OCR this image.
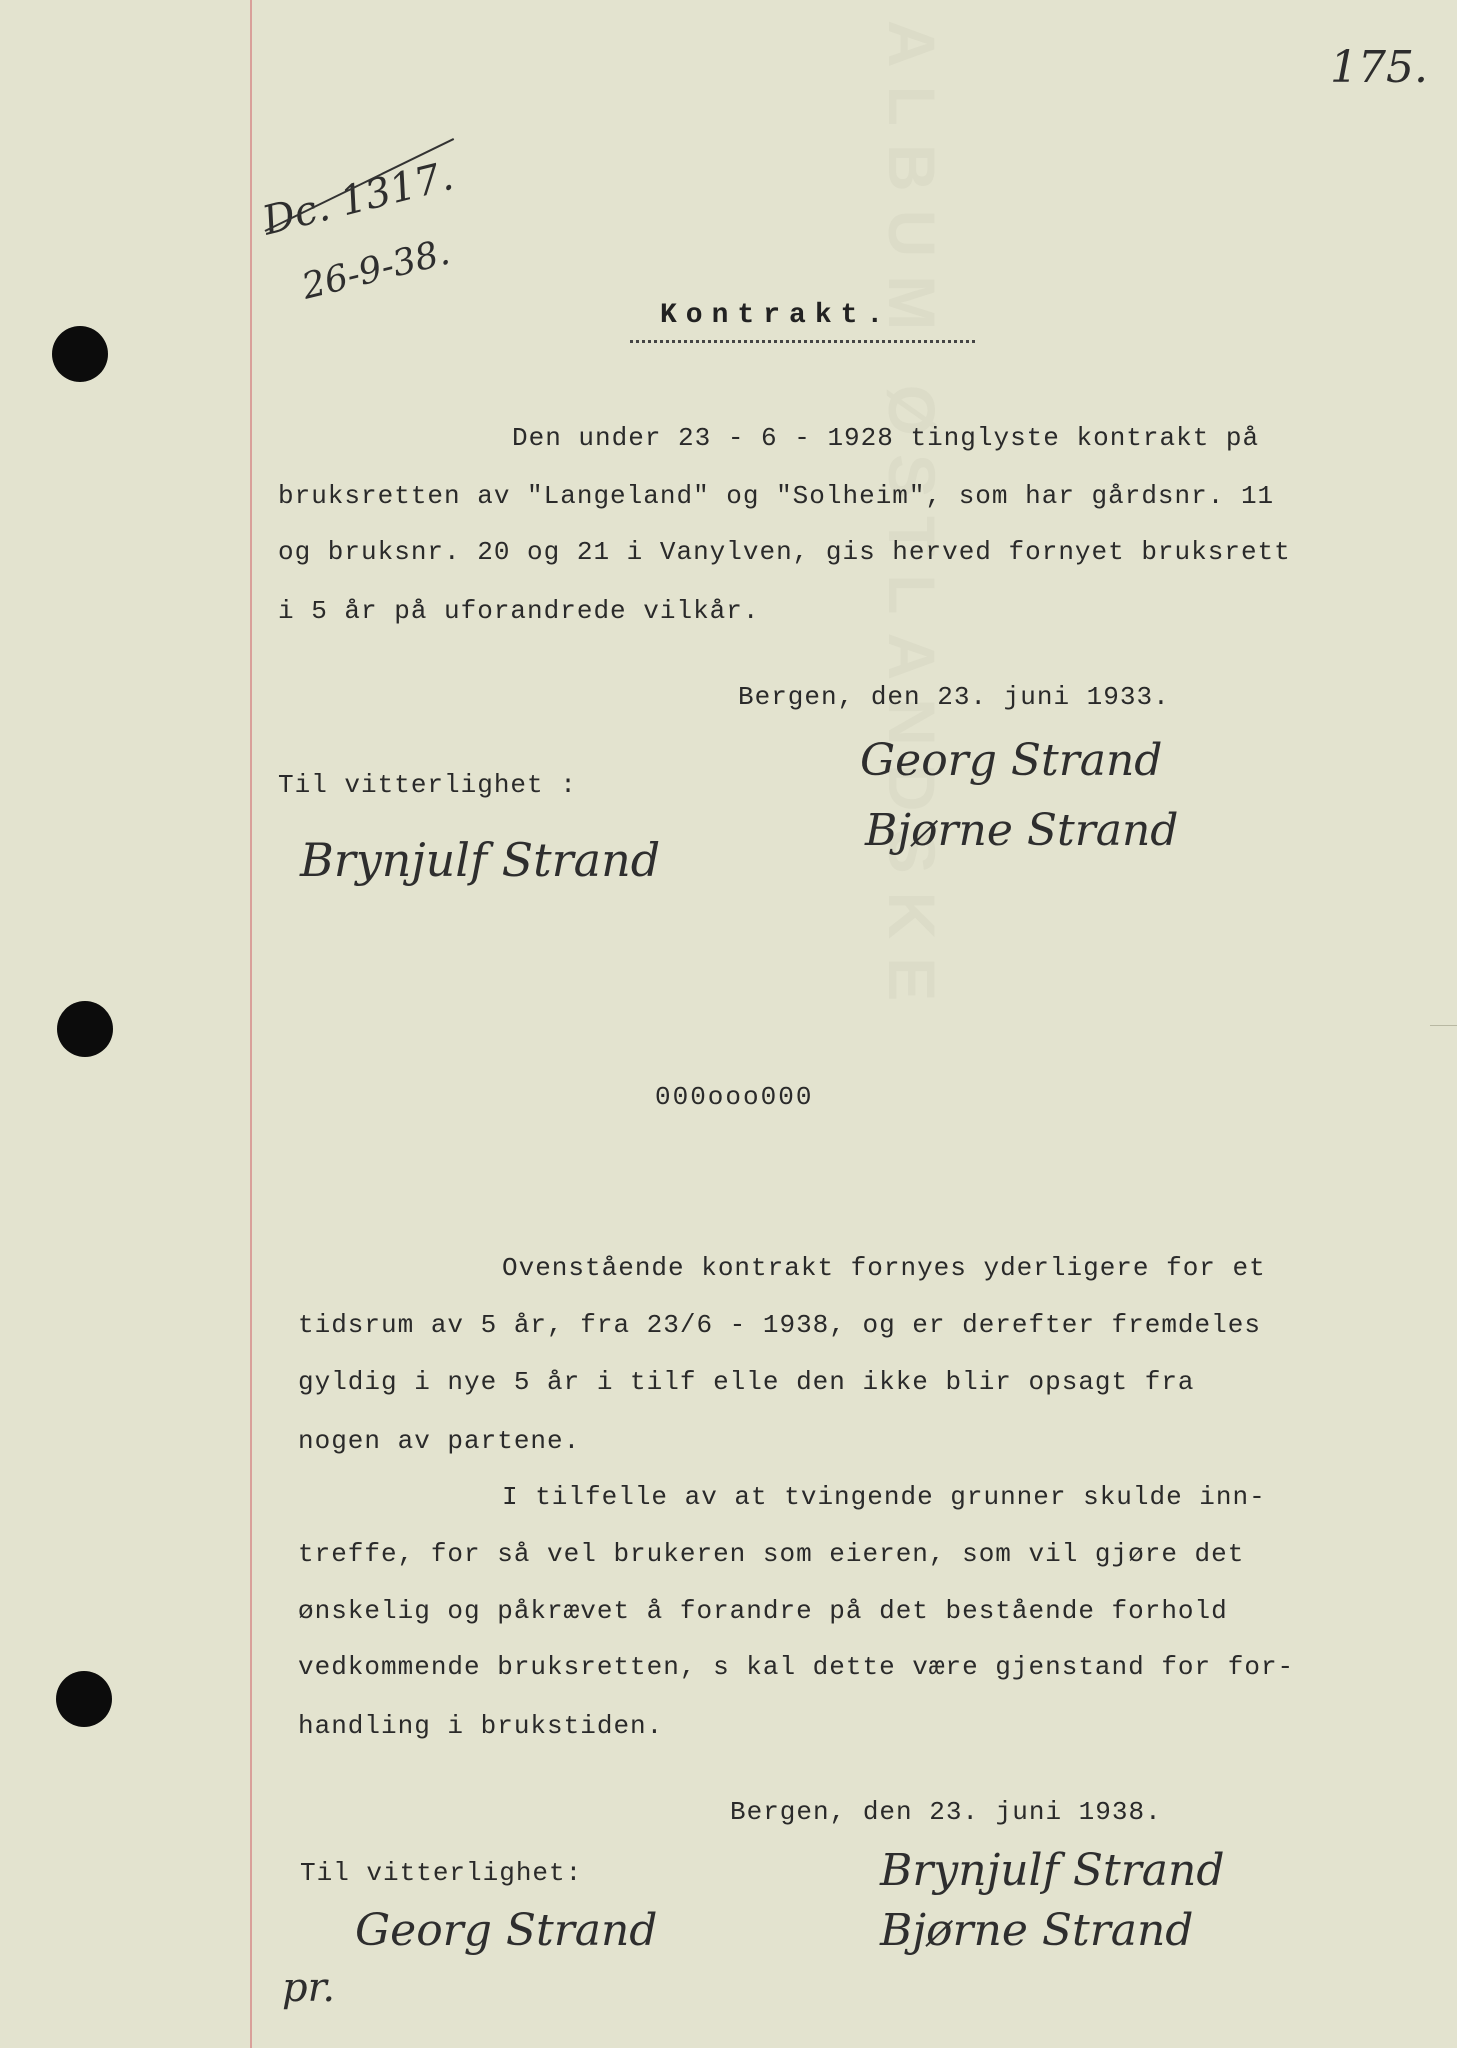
ALBUM ØSTLANDSKE	175.
Dc. 1317.
26-9-38.
Kontrakt.
Den under 23 - 6 - 1928 tinglyste kontrakt på
bruksretten av "Langeland" og "Solheim", som har gårdsnr. 11
og bruksnr. 20 og 21 i Vanylven, gis herved fornyet bruksrett
i 5 år på uforandrede vilkår.
Bergen, den 23. juni 1933.
Til vitterlighet :	Georg Strand
Bjørne Strand
Brynjulf Strand
000ooo000
Ovenstående kontrakt fornyes yderligere for et
tidsrum av 5 år, fra 23/6 - 1938, og er derefter fremdeles
gyldig i nye 5 år i tilf elle den ikke blir opsagt fra
nogen av partene.
I tilfelle av at tvingende grunner skulde inn-
treffe, for så vel brukeren som eieren, som vil gjøre det
ønskelig og påkrævet å forandre på det bestående forhold
vedkommende bruksretten, s kal dette være gjenstand for for-
handling i brukstiden.
Bergen, den 23. juni 1938.
Til vitterlighet:	Brynjulf Strand
Bjørne Strand
Georg Strand
pr.
